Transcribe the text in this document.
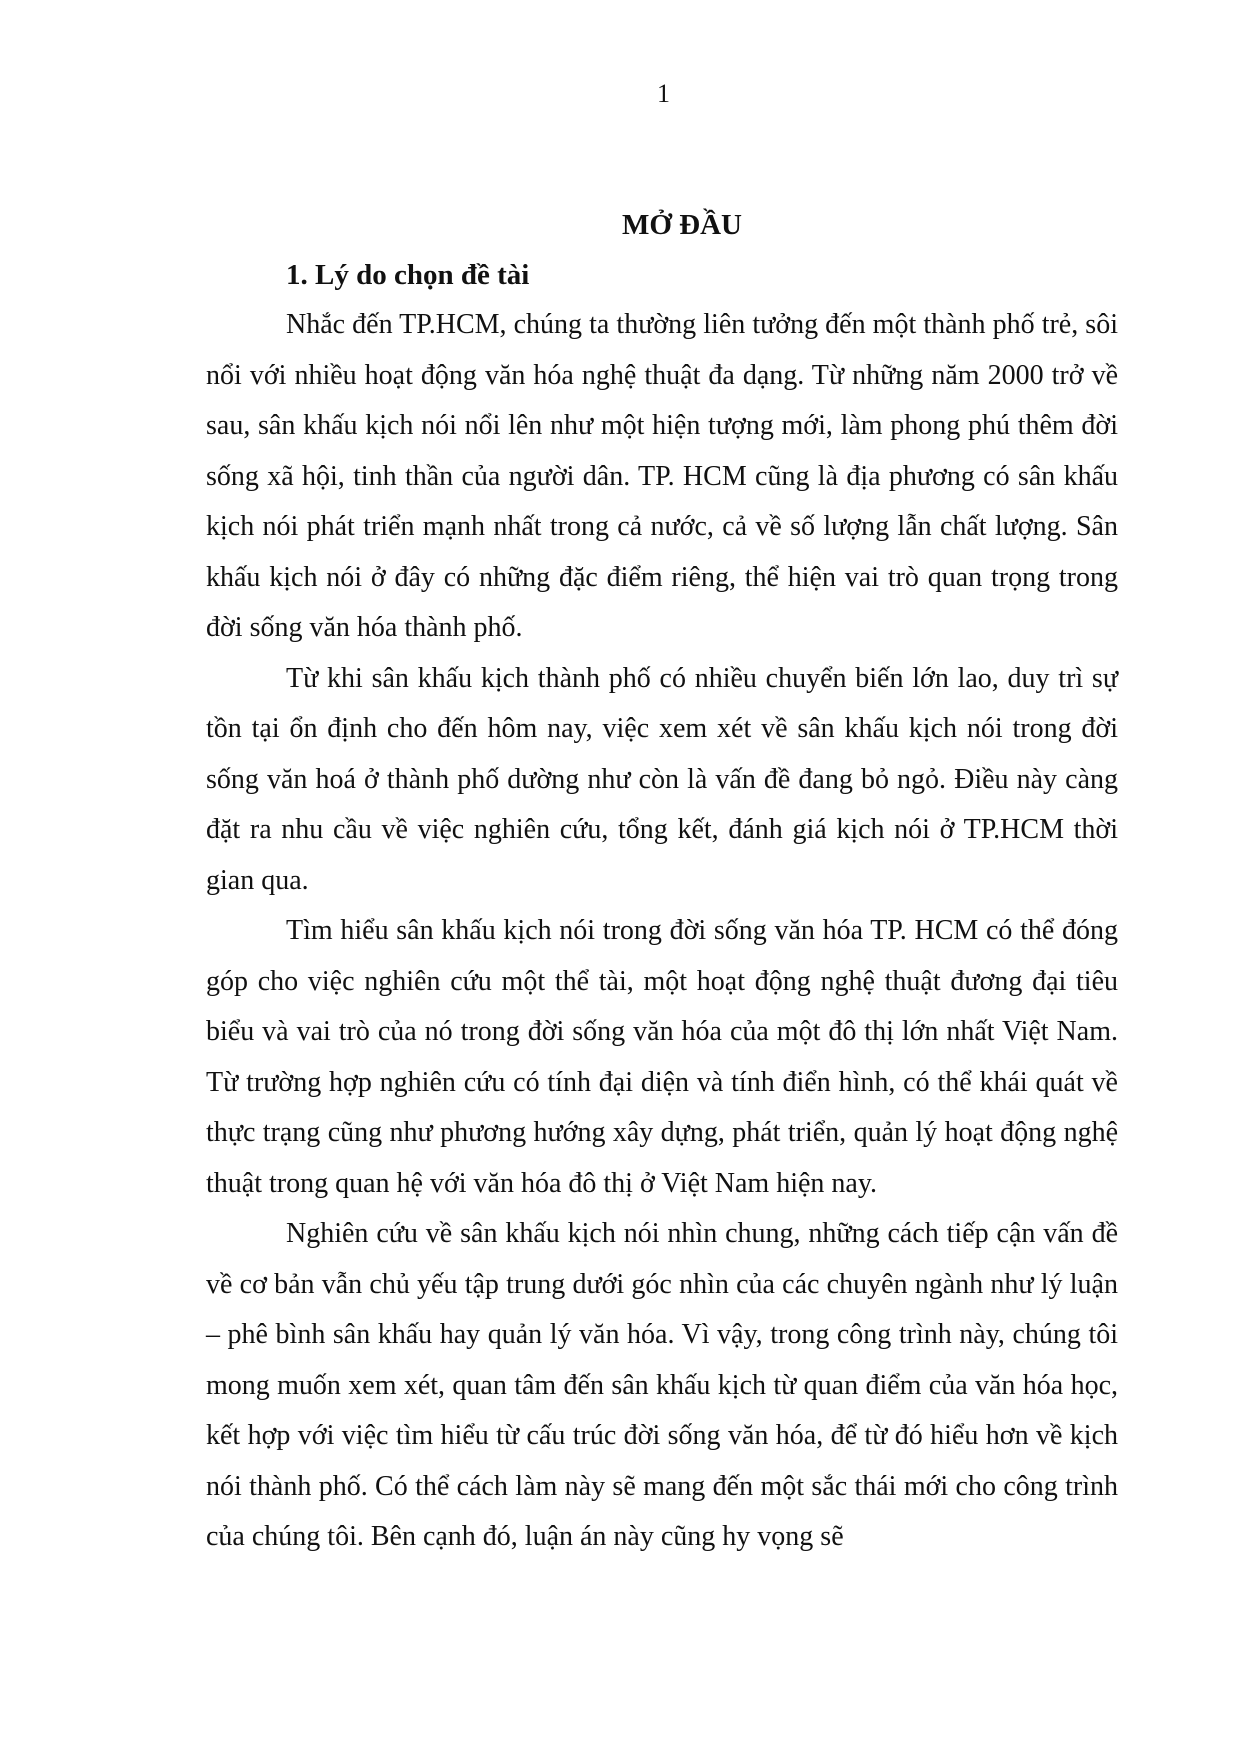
1
MỞ ĐẦU
1. Lý do chọn đề tài

Nhắc đến TP.HCM, chúng ta thường liên tưởng đến một thành phố trẻ, sôi nổi với nhiều hoạt động văn hóa nghệ thuật đa dạng. Từ những năm 2000 trở về sau, sân khấu kịch nói nổi lên như một hiện tượng mới, làm phong phú thêm đời sống xã hội, tinh thần của người dân. TP. HCM cũng là địa phương có sân khấu kịch nói phát triển mạnh nhất trong cả nước, cả về số lượng lẫn chất lượng. Sân khấu kịch nói ở đây có những đặc điểm riêng, thể hiện vai trò quan trọng trong đời sống văn hóa thành phố.

Từ khi sân khấu kịch thành phố có nhiều chuyển biến lớn lao, duy trì sự tồn tại ổn định cho đến hôm nay, việc xem xét về sân khấu kịch nói trong đời sống văn hoá ở thành phố dường như còn là vấn đề đang bỏ ngỏ. Điều này càng đặt ra nhu cầu về việc nghiên cứu, tổng kết, đánh giá kịch nói ở TP.HCM thời gian qua.

Tìm hiểu sân khấu kịch nói trong đời sống văn hóa TP. HCM có thể đóng góp cho việc nghiên cứu một thể tài, một hoạt động nghệ thuật đương đại tiêu biểu và vai trò của nó trong đời sống văn hóa của một đô thị lớn nhất Việt Nam. Từ trường hợp nghiên cứu có tính đại diện và tính điển hình, có thể khái quát về thực trạng cũng như phương hướng xây dựng, phát triển, quản lý hoạt động nghệ thuật trong quan hệ với văn hóa đô thị ở Việt Nam hiện nay.

Nghiên cứu về sân khấu kịch nói nhìn chung, những cách tiếp cận vấn đề về cơ bản vẫn chủ yếu tập trung dưới góc nhìn của các chuyên ngành như lý luận – phê bình sân khấu hay quản lý văn hóa. Vì vậy, trong công trình này, chúng tôi mong muốn xem xét, quan tâm đến sân khấu kịch từ quan điểm của văn hóa học, kết hợp với việc tìm hiểu từ cấu trúc đời sống văn hóa, để từ đó hiểu hơn về kịch nói thành phố. Có thể cách làm này sẽ mang đến một sắc thái mới cho công trình của chúng tôi. Bên cạnh đó, luận án này cũng hy vọng sẽ
